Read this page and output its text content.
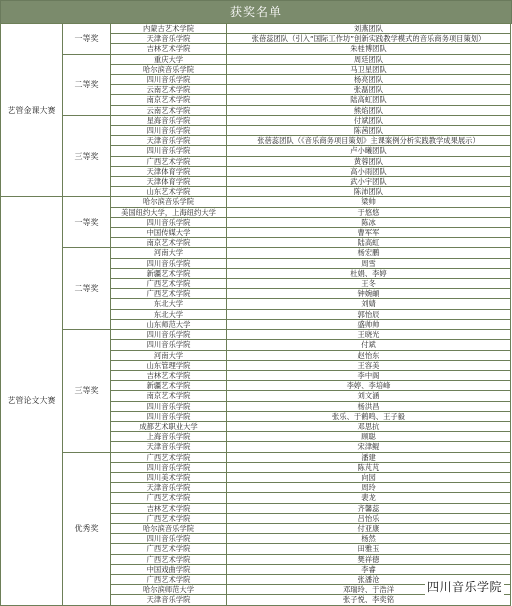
获奖名单
艺管金课大赛	一等奖	内蒙古艺术学院	刘燕团队
		天津音乐学院	张蓓蕊团队（引入“国际工作坊”创新实践教学模式的音乐商务项目策划）
		吉林艺术学院	朱桂博团队
	二等奖	重庆大学	周廷团队
		哈尔滨音乐学院	马卫星团队
		四川音乐学院	杨亮团队
		云南艺术学院	张磊团队
		南京艺术学院	陆高虹团队
		云南艺术学院	熊焰团队
	三等奖	星海音乐学院	付斌团队
		四川音乐学院	陈茜团队
		天津音乐学院	张蓓蕊团队（《音乐商务项目策划》主课案例分析实践教学成果展示）
		四川音乐学院	卢小曦团队
		广西艺术学院	黄蓉团队
		天津体育学院	高小雨团队
		天津体育学院	武小宇团队
		山东艺术学院	陈沛团队
艺管论文大赛	一等奖	哈尔滨音乐学院	梁帅
		美国纽约大学，上海纽约大学	于悠悠
		四川音乐学院	陈冰
		中国传媒大学	曹军军
		南京艺术学院	陆高虹
	二等奖	河南大学	杨宏鹏
		四川音乐学院	周雪
		新疆艺术学院	杜娟、李婷
		广西艺术学院	王冬
		广西艺术学院	钟婉頔
		东北大学	刘婧
		东北大学	郭怡辰
		山东师范大学	盛帅帅
	三等奖	四川音乐学院	王晓光
		四川音乐学院	付斌
		河南大学	赵怡东
		山东管理学院	王容美
		吉林艺术学院	李中阁
		新疆艺术学院	李婷、李培峰
		南京艺术学院	刘文涵
		四川音乐学院	杨洪昌
		四川音乐学院	张乐、于鹤鸣、王子毅
		成都艺术职业大学	邓思抗
		上海音乐学院	顾聪
		天津音乐学院	宋津鲲
	优秀奖	广西艺术学院	潘建
		四川音乐学院	陈芃芃
		四川美术学院	向园
		天津音乐学院	周玲
		广西艺术学院	裴龙
		吉林艺术学院	齐馨蕊
		广西艺术学院	吕怡乐
		哈尔滨音乐学院	付亚康
		四川音乐学院	杨然
		广西艺术学院	田雅玉
		广西艺术学院	樊祥徳
		中国戏曲学院	李睿
		广西艺术学院	张潘沧
		哈尔滨师范大学	邓瑞玲、于浩洋
		天津音乐学院	张子悦、李奕铭
四川音乐学院
